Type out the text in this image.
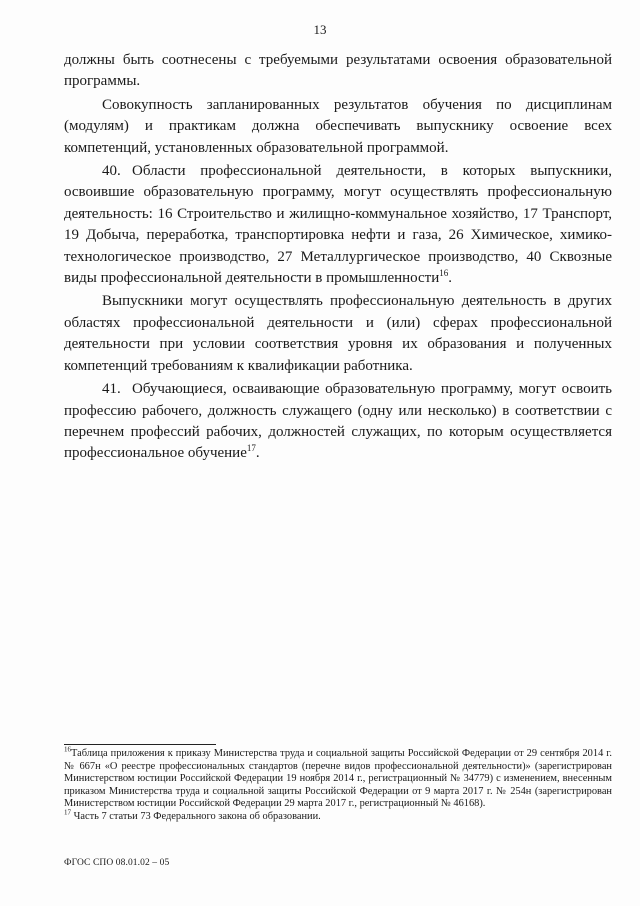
13

должны быть соотнесены с требуемыми результатами освоения образовательной программы.

Совокупность запланированных результатов обучения по дисциплинам (модулям) и практикам должна обеспечивать выпускнику освоение всех компетенций, установленных образовательной программой.

40. Области профессиональной деятельности, в которых выпускники, освоившие образовательную программу, могут осуществлять профессиональную деятельность: 16 Строительство и жилищно-коммунальное хозяйство, 17 Транспорт, 19 Добыча, переработка, транспортировка нефти и газа, 26 Химическое, химико-технологическое производство, 27 Металлургическое производство, 40 Сквозные виды профессиональной деятельности в промышленности$^{16}$.

Выпускники могут осуществлять профессиональную деятельность в других областях профессиональной деятельности и (или) сферах профессиональной деятельности при условии соответствия уровня их образования и полученных компетенций требованиям к квалификации работника.

41. Обучающиеся, осваивающие образовательную программу, могут освоить профессию рабочего, должность служащего (одну или несколько) в соответствии с перечнем профессий рабочих, должностей служащих, по которым осуществляется профессиональное обучение$^{17}$.

$^{16}$Таблица приложения к приказу Министерства труда и социальной защиты Российской Федерации от 29 сентября 2014 г. № 667н «О реестре профессиональных стандартов (перечне видов профессиональной деятельности)» (зарегистрирован Министерством юстиции Российской Федерации 19 ноября 2014 г., регистрационный № 34779) с изменением, внесенным приказом Министерства труда и социальной защиты Российской Федерации от 9 марта 2017 г. № 254н (зарегистрирован Министерством юстиции Российской Федерации 29 марта 2017 г., регистрационный № 46168).

$^{17}$ Часть 7 статьи 73 Федерального закона об образовании.

ФГОС СПО 08.01.02 – 05
